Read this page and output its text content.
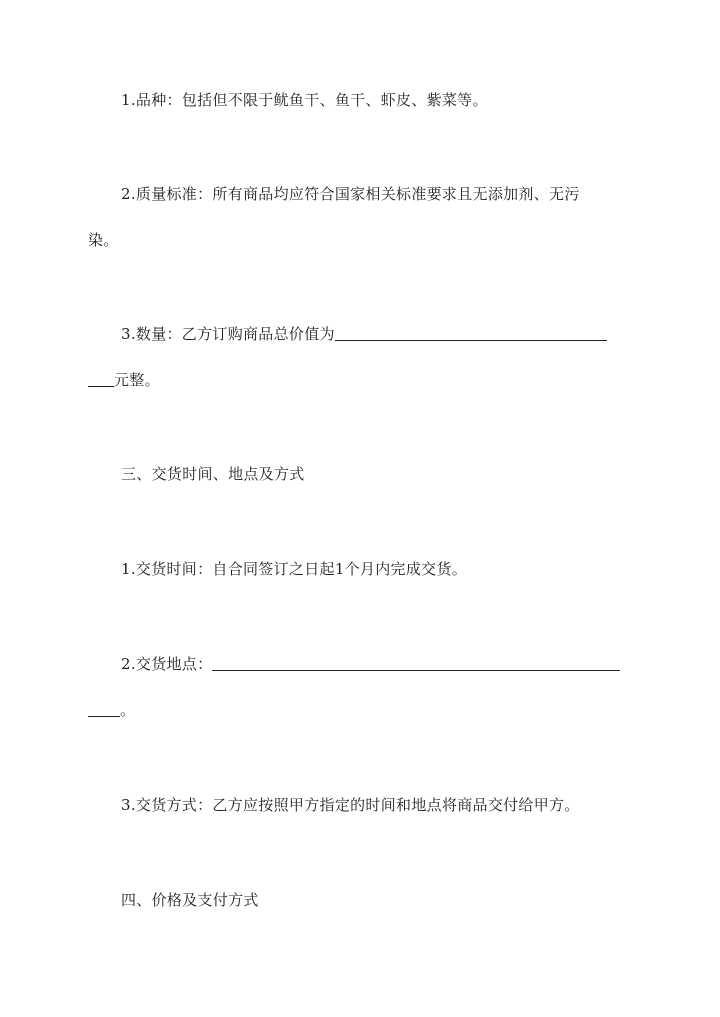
1.品种：包括但不限于鱿鱼干、鱼干、虾皮、紫菜等。
2.质量标准：所有商品均应符合国家相关标准要求且无添加剂、无污
染。
3.数量：乙方订购商品总价值为
元整。
三、交货时间、地点及方式
1.交货时间：自合同签订之日起1个月内完成交货。
2.交货地点：
。
3.交货方式：乙方应按照甲方指定的时间和地点将商品交付给甲方。
四、价格及支付方式
